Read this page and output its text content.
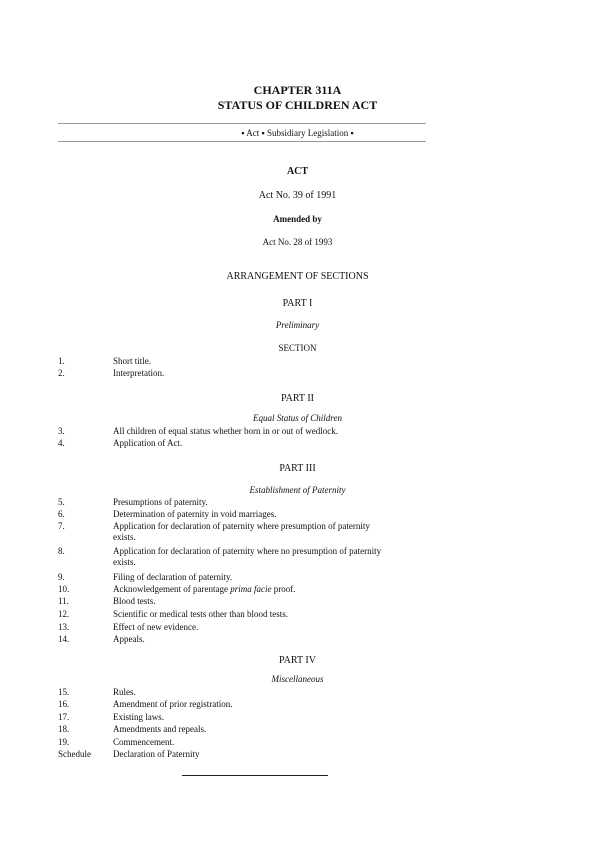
CHAPTER 311A
STATUS OF CHILDREN ACT
▪ Act ▪ Subsidiary Legislation ▪
ACT
Act No. 39 of 1991
Amended by
Act No. 28 of 1993
ARRANGEMENT OF SECTIONS
PART I
Preliminary
SECTION
1.	Short title.
2.	Interpretation.
PART II
Equal Status of Children
3.	All children of equal status whether born in or out of wedlock.
4.	Application of Act.
PART III
Establishment of Paternity
5.	Presumptions of paternity.
6.	Determination of paternity in void marriages.
7.	Application for declaration of paternity where presumption of paternity
exists.
8.	Application for declaration of paternity where no presumption of paternity
exists.
9.	Filing of declaration of paternity.
10.	Acknowledgement of parentage prima facie proof.
11.	Blood tests.
12.	Scientific or medical tests other than blood tests.
13.	Effect of new evidence.
14.	Appeals.
PART IV
Miscellaneous
15.	Rules.
16.	Amendment of prior registration.
17.	Existing laws.
18.	Amendments and repeals.
19.	Commencement.
Schedule	Declaration of Paternity
